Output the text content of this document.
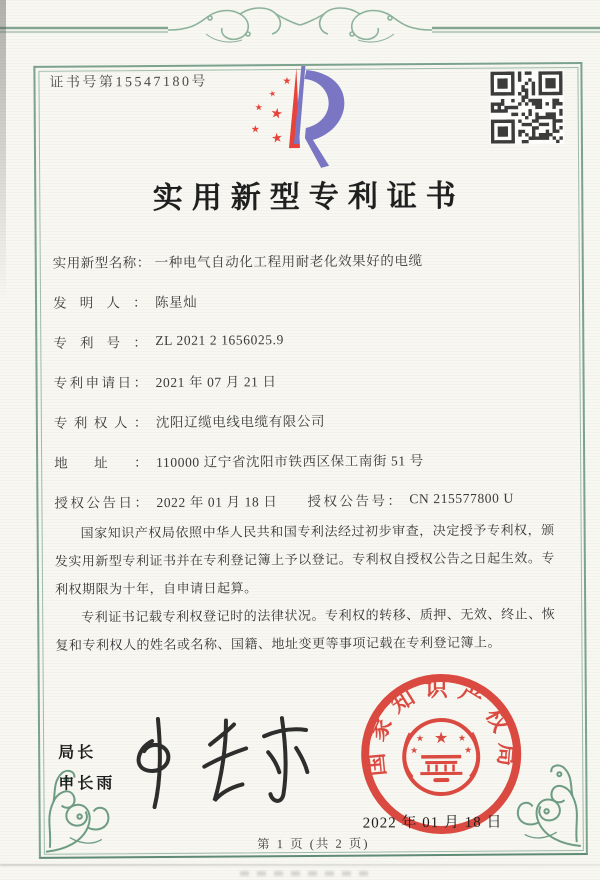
证书号第15547180号	★
★
★ ★
★
★
实用新型专利证书
实用新型名称： 一种电气自动化工程用耐老化效果好的电缆
发明人： 陈星灿
专利号： ZL 2021 2 1656025.9
专利申请日： 2021 年 07 月 21 日
专利权人： 沈阳辽缆电线电缆有限公司
地址： 110000 辽宁省沈阳市铁西区保工南街 51 号
授权公告日： 2022 年 01 月 18 日 授权公告号： CN 215577800 U

国家知识产权局依照中华人民共和国专利法经过初步审查，决定授予专利权，颁发实用新型专利证书并在专利登记簿上予以登记。专利权自授权公告之日起生效。专利权期限为十年，自申请日起算。

专利证书记载专利权登记时的法律状况。专利权的转移、质押、无效、终止、恢复和专利权人的姓名或名称、国籍、地址变更等事项记载在专利登记簿上。

局长
申长雨
国家知识产权局
★
★	★
★	★
2022 年 01 月 18 日
第 1 页 (共 2 页)
